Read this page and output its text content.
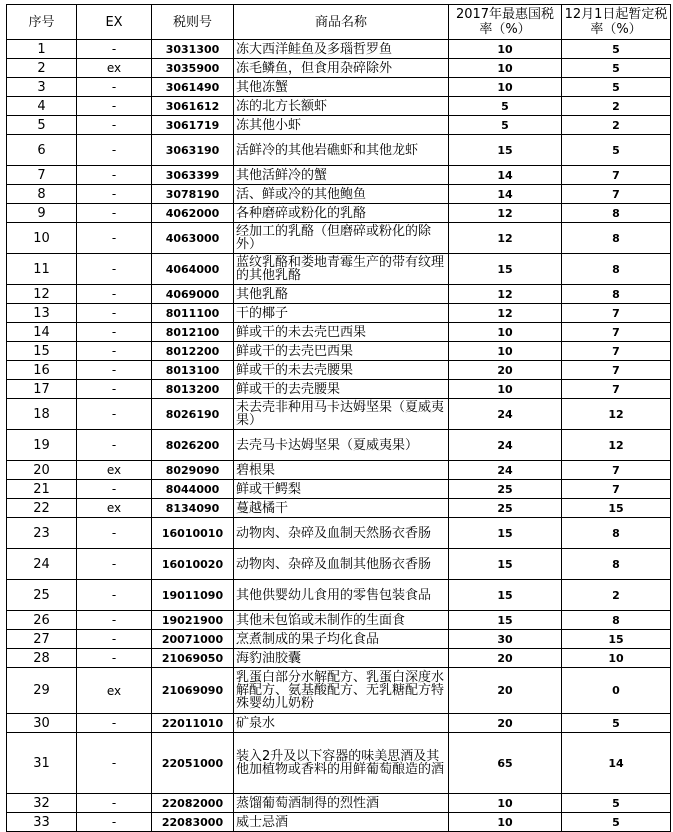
序号	EX	税则号	商品名称	2017年最惠国税率（%）	12月1日起暂定税率（%）
1	-	3031300	冻大西洋鲑鱼及多瑙哲罗鱼	10	5
2	ex	3035900	冻毛鳞鱼，但食用杂碎除外	10	5
3	-	3061490	其他冻蟹	10	5
4	-	3061612	冻的北方长额虾	5	2
5	-	3061719	冻其他小虾	5	2
6	-	3063190	活鲜冷的其他岩礁虾和其他龙虾	15	5
7	-	3063399	其他活鲜冷的蟹	14	7
8	-	3078190	活、鲜或冷的其他鲍鱼	14	7
9	-	4062000	各种磨碎或粉化的乳酪	12	8
10	-	4063000	经加工的乳酪（但磨碎或粉化的除外）	12	8
11	-	4064000	蓝纹乳酪和娄地青霉生产的带有纹理的其他乳酪	15	8
12	-	4069000	其他乳酪	12	8
13	-	8011100	干的椰子	12	7
14	-	8012100	鲜或干的未去壳巴西果	10	7
15	-	8012200	鲜或干的去壳巴西果	10	7
16	-	8013100	鲜或干的未去壳腰果	20	7
17	-	8013200	鲜或干的去壳腰果	10	7
18	-	8026190	未去壳非种用马卡达姆坚果（夏威夷果）	24	12
19	-	8026200	去壳马卡达姆坚果（夏威夷果）	24	12
20	ex	8029090	碧根果	24	7
21	-	8044000	鲜或干鳄梨	25	7
22	ex	8134090	蔓越橘干	25	15
23	-	16010010	动物肉、杂碎及血制天然肠衣香肠	15	8
24	-	16010020	动物肉、杂碎及血制其他肠衣香肠	15	8
25	-	19011090	其他供婴幼儿食用的零售包装食品	15	2
26	-	19021900	其他未包馅或未制作的生面食	15	8
27	-	20071000	烹煮制成的果子均化食品	30	15
28	-	21069050	海豹油胶囊	20	10
29	ex	21069090	乳蛋白部分水解配方、乳蛋白深度水解配方、氨基酸配方、无乳糖配方特殊婴幼儿奶粉	20	0
30	-	22011010	矿泉水	20	5
31	-	22051000	装入2升及以下容器的味美思酒及其他加植物或香料的用鲜葡萄酿造的酒	65	14
32	-	22082000	蒸馏葡萄酒制得的烈性酒	10	5
33	-	22083000	威士忌酒	10	5
